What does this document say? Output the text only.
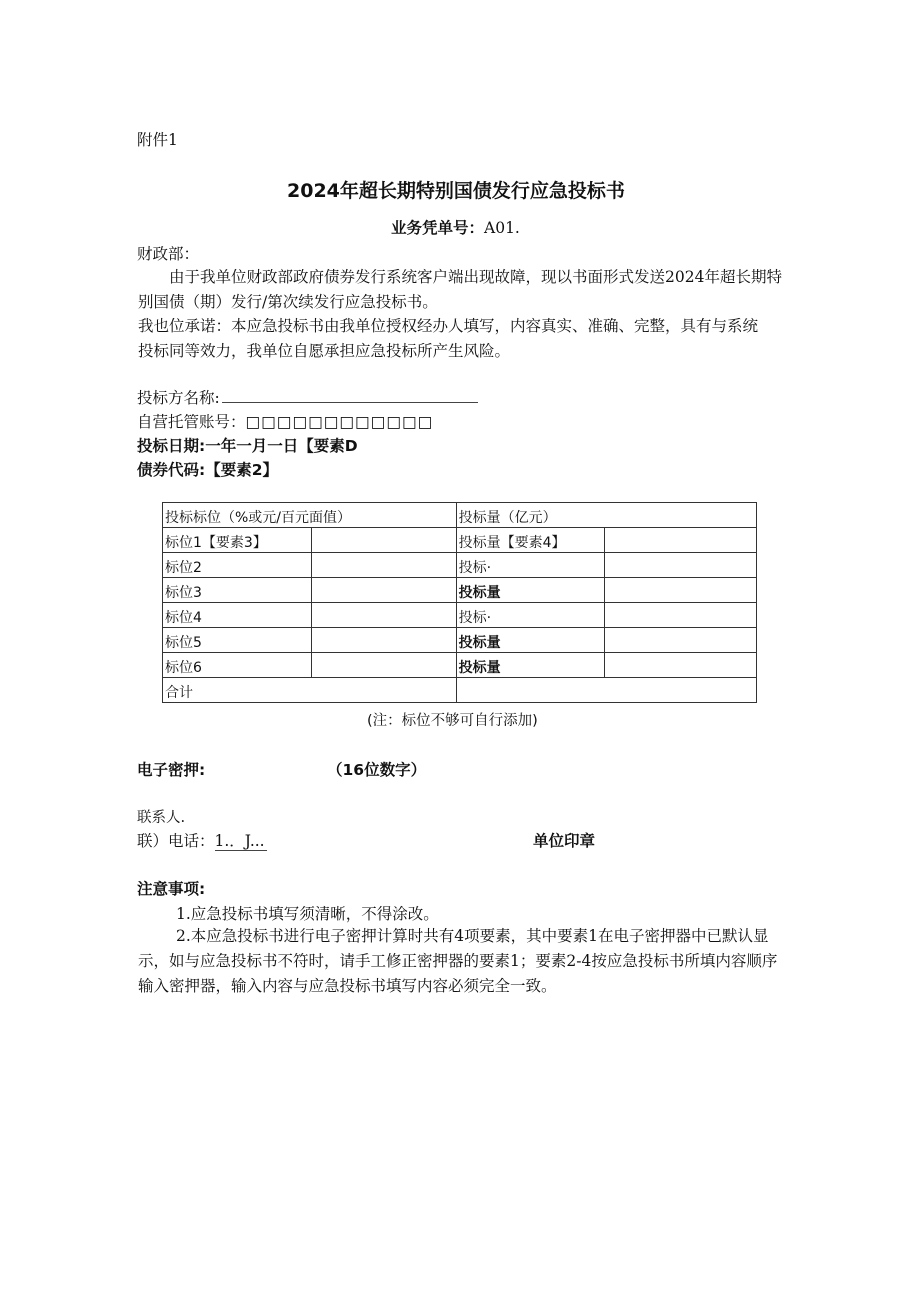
附件1
2024年超长期特别国债发行应急投标书
业务凭单号：A01.
财政部：
由于我单位财政部政府债券发行系统客户端出现故障，现以书面形式发送2024年超长期特别国债（期）发行/第次续发行应急投标书。
我也位承诺：本应急投标书由我单位授权经办人填写，内容真实、准确、完整，具有与系统投标同等效力，我单位自愿承担应急投标所产生风险。
投标方名称:
自营托管账号：□□□□□□□□□□□□
投标日期:一年一月一日【要素D
债券代码:【要素2】
投标标位（%或元/百元面值）		投标量（亿元）	
标位1【要素3】		投标量【要素4】	
标位2		投标·	
标位3		投标量	
标位4		投标·	
标位5		投标量	
标位6		投标量	
合计			
(注：标位不够可自行添加)
电子密押:	（16位数字）
联系人.
联）电话：1.．J...	单位印章
注意事项:
1.应急投标书填写须清晰，不得涂改。
2.本应急投标书进行电子密押计算时共有4项要素，其中要素1在电子密押器中已默认显示，如与应急投标书不符时，请手工修正密押器的要素1；要素2-4按应急投标书所填内容顺序输入密押器，输入内容与应急投标书填写内容必须完全一致。
